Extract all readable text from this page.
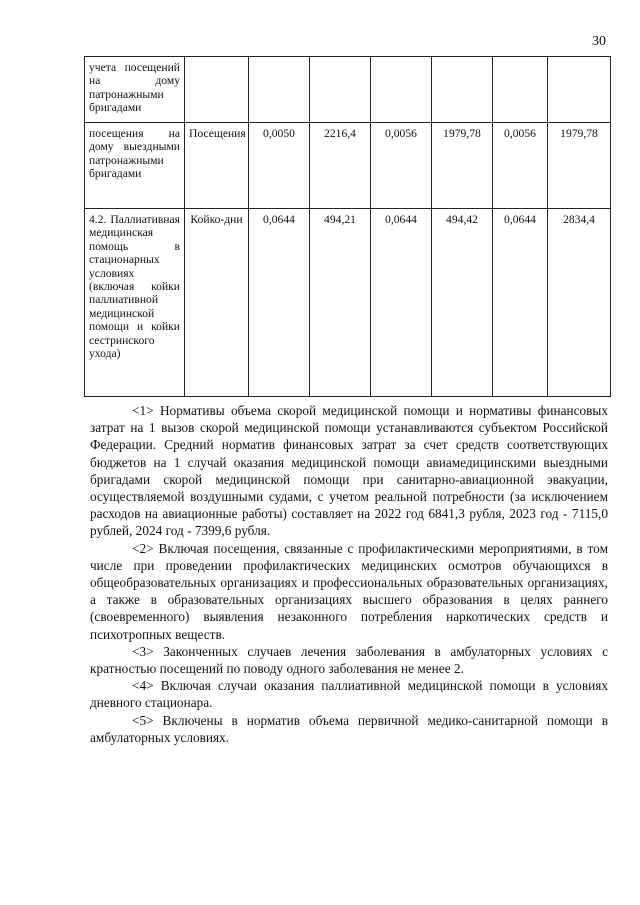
30
учета посещений на дому патронажными бригадами							
посещения на дому выездными патронажными бригадами	Посещения	0,0050	2216,4	0,0056	1979,78	0,0056	1979,78
4.2. Паллиативная медицинская помощь в стационарных условиях (включая койки паллиативной медицинской помощи и койки сестринского ухода)	Койко-дни	0,0644	494,21	0,0644	494,42	0,0644	2834,4

<1> Нормативы объема скорой медицинской помощи и нормативы финансовых затрат на 1 вызов скорой медицинской помощи устанавливаются субъектом Российской Федерации. Средний норматив финансовых затрат за счет средств соответствующих бюджетов на 1 случай оказания медицинской помощи авиамедицинскими выездными бригадами скорой медицинской помощи при санитарно-авиационной эвакуации, осуществляемой воздушными судами, с учетом реальной потребности (за исключением расходов на авиационные работы) составляет на 2022 год 6841,3 рубля, 2023 год - 7115,0 рублей, 2024 год - 7399,6 рубля.

<2> Включая посещения, связанные с профилактическими мероприятиями, в том числе при проведении профилактических медицинских осмотров обучающихся в общеобразовательных организациях и профессиональных образовательных организациях, а также в образовательных организациях высшего образования в целях раннего (своевременного) выявления незаконного потребления наркотических средств и психотропных веществ.

<3> Законченных случаев лечения заболевания в амбулаторных условиях с кратностью посещений по поводу одного заболевания не менее 2.

<4> Включая случаи оказания паллиативной медицинской помощи в условиях дневного стационара.

<5> Включены в норматив объема первичной медико-санитарной помощи в амбулаторных условиях.
